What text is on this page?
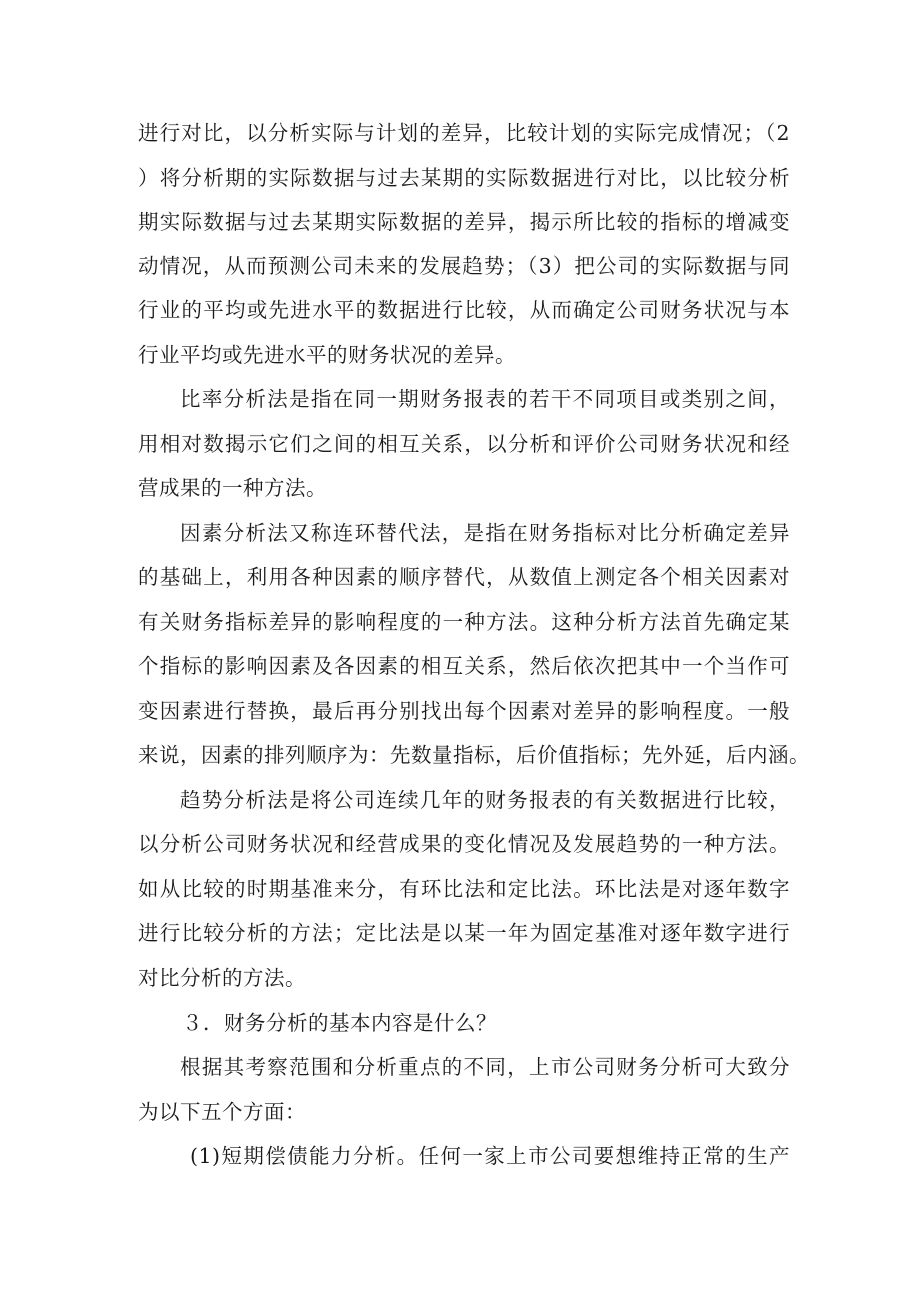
进行对比，以分析实际与计划的差异，比较计划的实际完成情况；（2
）将分析期的实际数据与过去某期的实际数据进行对比，以比较分析
期实际数据与过去某期实际数据的差异，揭示所比较的指标的增减变
动情况，从而预测公司未来的发展趋势；（3）把公司的实际数据与同
行业的平均或先进水平的数据进行比较，从而确定公司财务状况与本
行业平均或先进水平的财务状况的差异。
比率分析法是指在同一期财务报表的若干不同项目或类别之间，
用相对数揭示它们之间的相互关系，以分析和评价公司财务状况和经
营成果的一种方法。
因素分析法又称连环替代法，是指在财务指标对比分析确定差异
的基础上，利用各种因素的顺序替代，从数值上测定各个相关因素对
有关财务指标差异的影响程度的一种方法。这种分析方法首先确定某
个指标的影响因素及各因素的相互关系，然后依次把其中一个当作可
变因素进行替换，最后再分别找出每个因素对差异的影响程度。一般
来说，因素的排列顺序为：先数量指标，后价值指标；先外延，后内涵。
趋势分析法是将公司连续几年的财务报表的有关数据进行比较，
以分析公司财务状况和经营成果的变化情况及发展趋势的一种方法。
如从比较的时期基准来分，有环比法和定比法。环比法是对逐年数字
进行比较分析的方法；定比法是以某一年为固定基准对逐年数字进行
对比分析的方法。
３．财务分析的基本内容是什么？
根据其考察范围和分析重点的不同，上市公司财务分析可大致分
为以下五个方面：
(1)短期偿债能力分析。任何一家上市公司要想维持正常的生产
